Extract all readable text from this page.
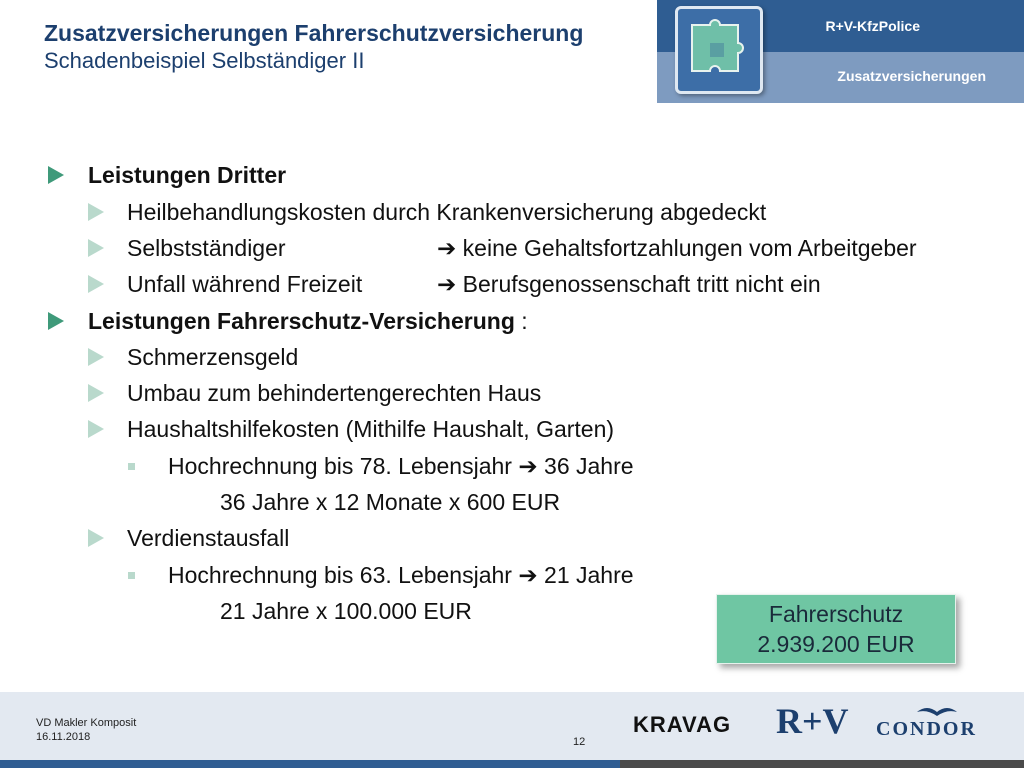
Zusatzversicherungen Fahrerschutzversicherung

Schadenbeispiel Selbständiger II

R+V-KfzPolice
Zusatzversicherungen
Leistungen Dritter
Heilbehandlungskosten durch Krankenversicherung abgedeckt
Selbstständiger	➔ keine Gehaltsfortzahlungen vom Arbeitgeber
Unfall während Freizeit	➔ Berufsgenossenschaft tritt nicht ein
Leistungen Fahrerschutz-Versicherung :
Schmerzensgeld
Umbau zum behindertengerechten Haus
Haushaltshilfekosten (Mithilfe Haushalt, Garten)
Hochrechnung bis 78. Lebensjahr ➔ 36 Jahre
36 Jahre x 12 Monate x 600 EUR
Verdienstausfall
Hochrechnung bis 63. Lebensjahr ➔ 21 Jahre
21 Jahre x 100.000 EUR	Fahrerschutz
2.939.200 EUR
VD Makler Komposit
16.11.2018	12
KRAVAG R+V CONDOR
